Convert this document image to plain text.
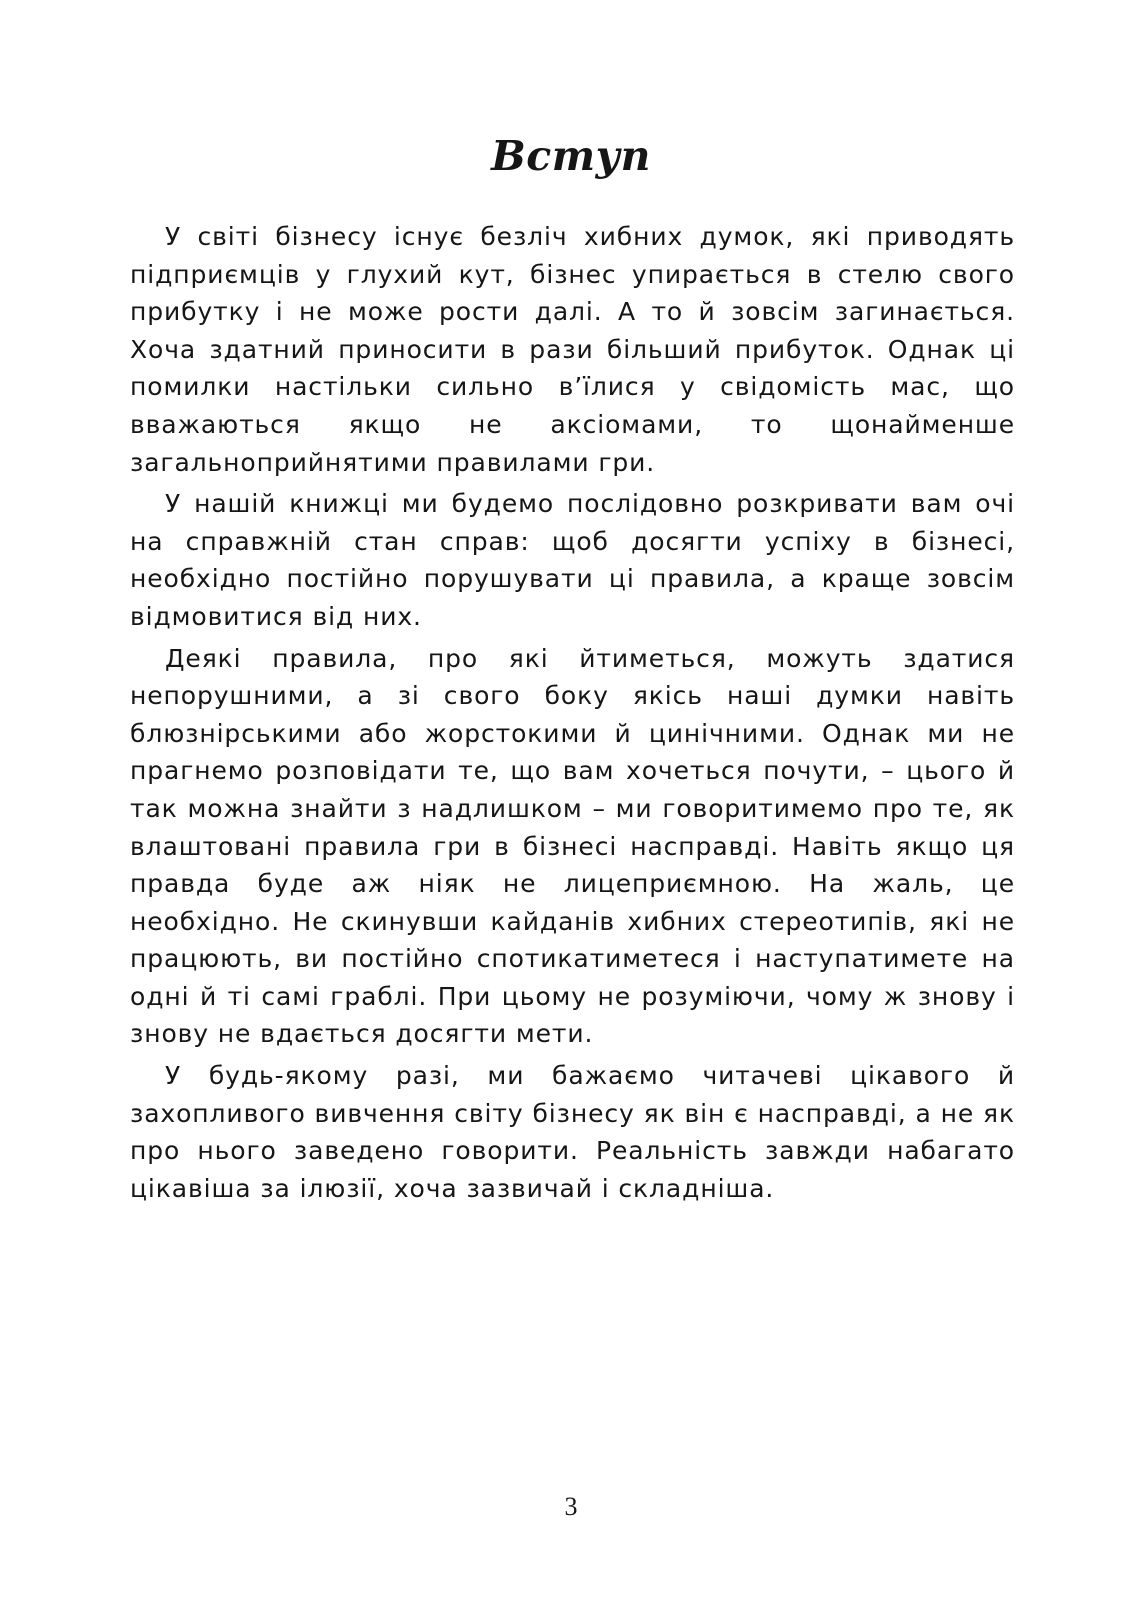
Вступ

У світі бізнесу існує безліч хибних думок, які приводять підприємців у глухий кут, бізнес упирається в стелю свого прибутку і не може рости далі. А то й зовсім загинається. Хоча здатний приносити в рази більший прибуток. Однак ці помилки настільки сильно в’їлися у свідомість мас, що вважаються якщо не аксіомами, то щонайменше загальноприйнятими правилами гри.

У нашій книжці ми будемо послідовно розкривати вам очі на справжній стан справ: щоб досягти успіху в бізнесі, необхідно постійно порушувати ці правила, а краще зовсім відмовитися від них.

Деякі правила, про які йтиметься, можуть здатися непорушними, а зі свого боку якісь наші думки навіть блюзнірськими або жорстокими й цинічними. Однак ми не прагнемо розповідати те, що вам хочеться почути, – цього й так можна знайти з надлишком – ми говоритимемо про те, як влаштовані правила гри в бізнесі насправді. Навіть якщо ця правда буде аж ніяк не лицеприємною. На жаль, це необхідно. Не скинувши кайданів хибних стереотипів, які не працюють, ви постійно спотикатиметеся і наступатимете на одні й ті самі граблі. При цьому не розуміючи, чому ж знову і знову не вдається досягти мети.

У будь-якому разі, ми бажаємо читачеві цікавого й захопливого вивчення світу бізнесу як він є насправді, а не як про нього заведено говорити. Реальність завжди набагато цікавіша за ілюзії, хоча зазвичай і складніша.

3
